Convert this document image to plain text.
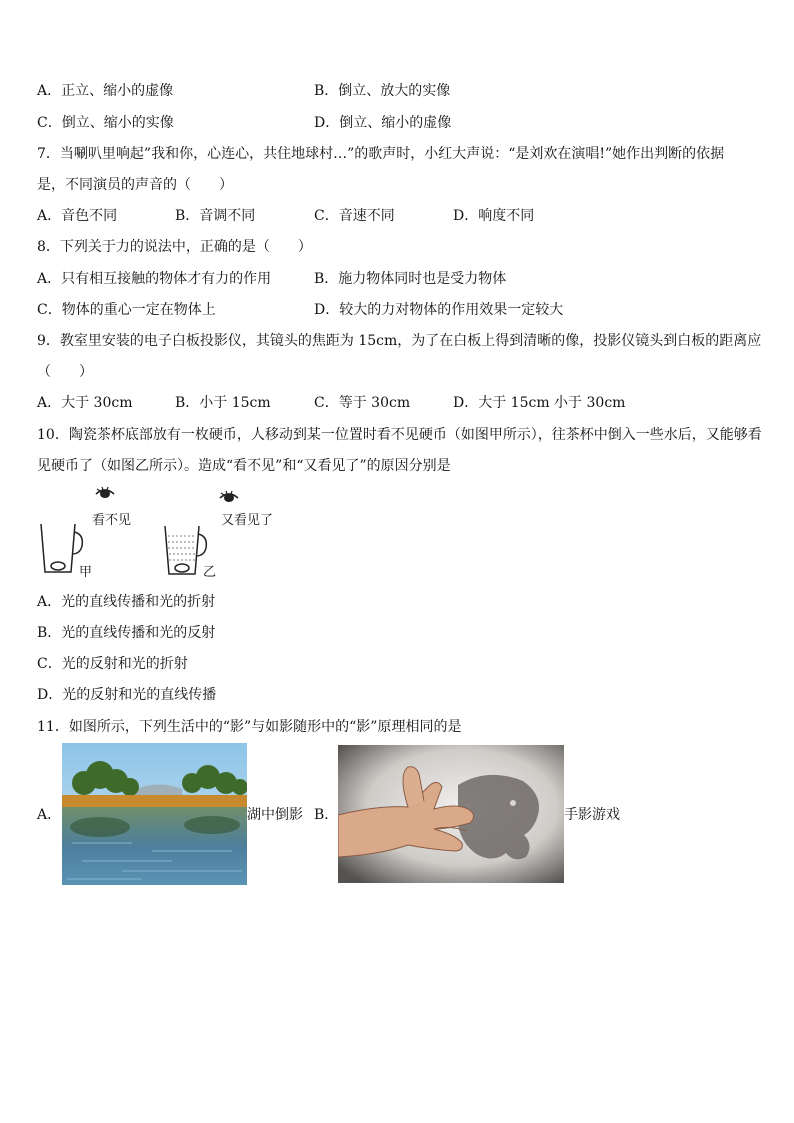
A．正立、缩小的虚像	B．倒立、放大的实像
C．倒立、缩小的实像	D．倒立、缩小的虚像
7．当唰叭里响起”我和你，心连心，共住地球村…”的歌声时，小红大声说：“是刘欢在演唱!”她作出判断的依据
是，不同演员的声音的（　　）
A．音色不同	B．音调不同	C．音速不同	D．响度不同
8．下列关于力的说法中，正确的是（　　）
A．只有相互接触的物体才有力的作用	B．施力物体同时也是受力物体
C．物体的重心一定在物体上	D．较大的力对物体的作用效果一定较大
9．教室里安装的电子白板投影仪，其镜头的焦距为 15cm，为了在白板上得到清晰的像，投影仪镜头到白板的距离应
（　　）
A．大于 30cm	B．小于 15cm	C．等于 30cm	D．大于 15cm 小于 30cm
10．陶瓷茶杯底部放有一枚硬币，人移动到某一位置时看不见硬币（如图甲所示），往茶杯中倒入一些水后，又能够看
见硬币了（如图乙所示）。造成“看不见”和“又看见了”的原因分别是
看不见	又看见了
甲	乙
A．光的直线传播和光的折射
B．光的直线传播和光的反射
C．光的反射和光的折射
D．光的反射和光的直线传播
11．如图所示，下列生活中的“影”与如影随形中的“影”原理相同的是
A．	湖中倒影 B．	手影游戏
